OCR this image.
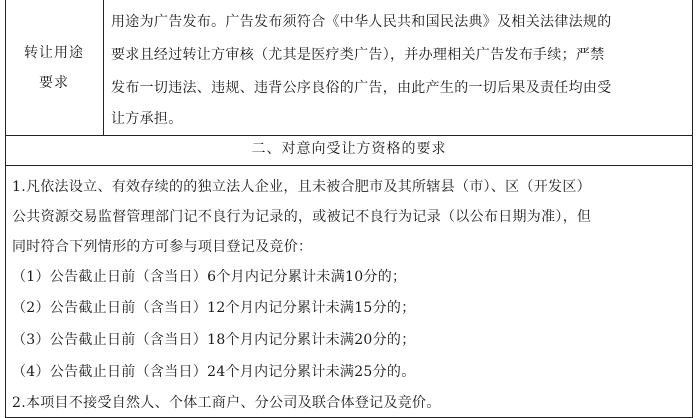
转让用途
要求
用途为广告发布。广告发布须符合《中华人民共和国民法典》及相关法律法规的
要求且经过转让方审核（尤其是医疗类广告），并办理相关广告发布手续；严禁
发布一切违法、违规、违背公序良俗的广告，由此产生的一切后果及责任均由受
让方承担。
二、对意向受让方资格的要求
1.凡依法设立、有效存续的的独立法人企业，且未被合肥市及其所辖县（市）、区（开发区）
公共资源交易监督管理部门记不良行为记录的，或被记不良行为记录（以公布日期为准），但
同时符合下列情形的方可参与项目登记及竞价：
（1）公告截止日前（含当日）6个月内记分累计未满10分的；
（2）公告截止日前（含当日）12个月内记分累计未满15分的；
（3）公告截止日前（含当日）18个月内记分累计未满20分的；
（4）公告截止日前（含当日）24个月内记分累计未满25分的。
2.本项目不接受自然人、个体工商户、分公司及联合体登记及竞价。
